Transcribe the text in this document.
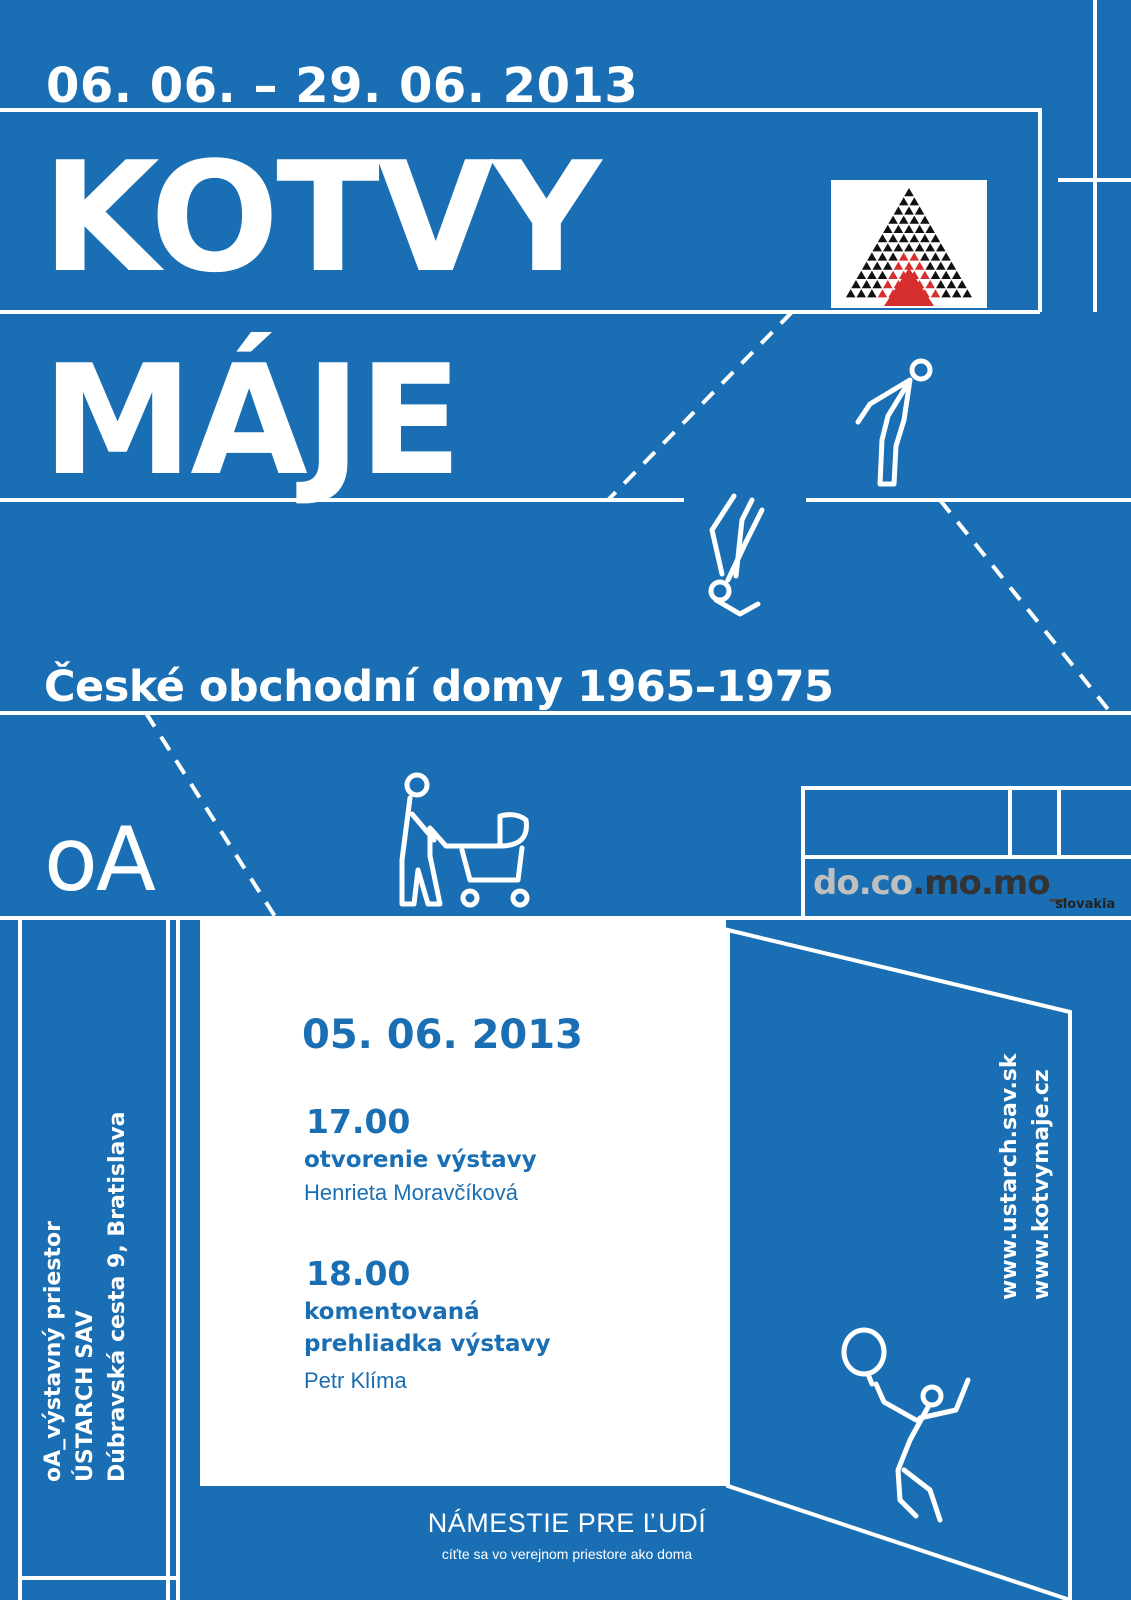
06. 06. – 29. 06. 2013
KOTVY
MÁJE
České obchodní domy 1965–1975
oA	do.co.mo.mo_
slovakia
oA_výstavný priestor ÚSTARCH SAV Dúbravská cesta 9, Bratislava	www.ustarch.sav.sk www.kotvymaje.cz
05. 06. 2013
17.00
otvorenie výstavy
Henrieta Moravčíková
18.00
komentovaná
prehliadka výstavy
Petr Klíma
NÁMESTIE PRE ĽUDÍ
cíťte sa vo verejnom priestore ako doma
